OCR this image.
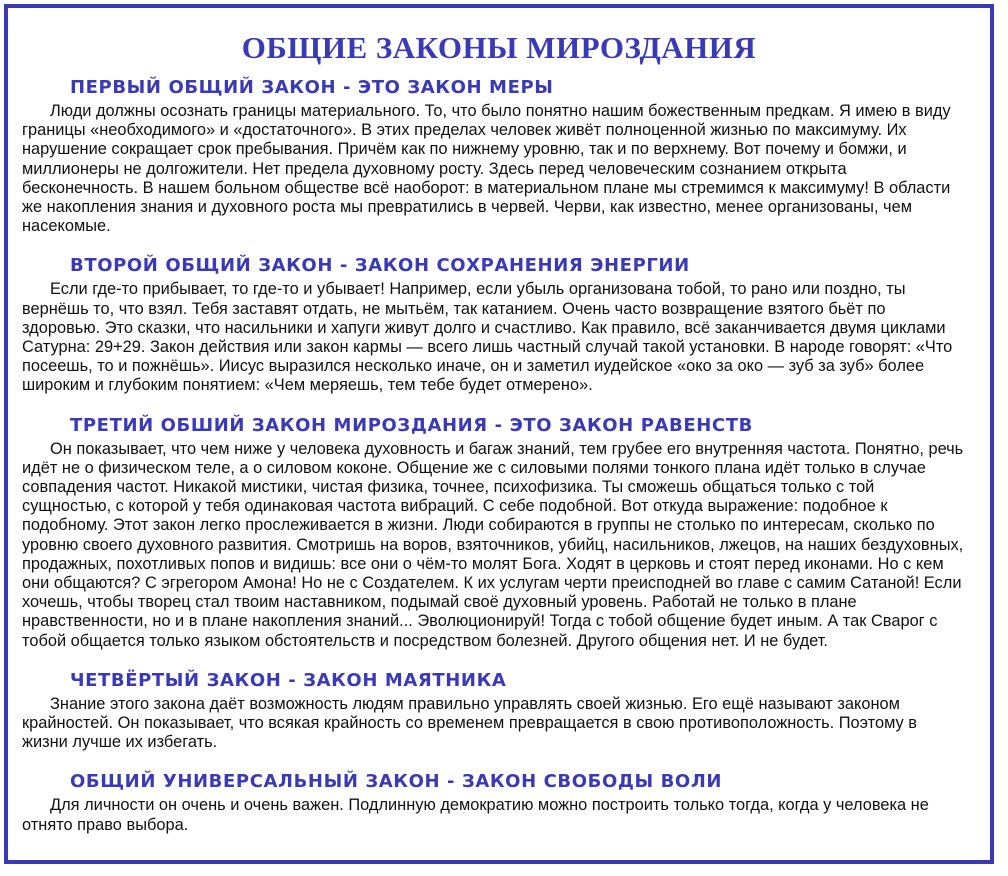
ОБЩИЕ ЗАКОНЫ МИРОЗДАНИЯ
ПЕРВЫЙ ОБЩИЙ ЗАКОН - ЭТО ЗАКОН МЕРЫ

Люди должны осознать границы материального. То, что было понятно нашим божественным предкам. Я имею в виду границы «необходимого» и «достаточного». В этих пределах человек живёт полноценной жизнью по максимуму. Их нарушение сокращает срок пребывания. Причём как по нижнему уровню, так и по верхнему. Вот почему и бомжи, и миллионеры не долгожители. Нет предела духовному росту. Здесь перед человеческим сознанием открыта бесконечность. В нашем больном обществе всё наоборот: в материальном плане мы стремимся к максимуму! В области же накопления знания и духовного роста мы превратились в червей. Черви, как известно, менее организованы, чем насекомые.

ВТОРОЙ ОБЩИЙ ЗАКОН - ЗАКОН СОХРАНЕНИЯ ЭНЕРГИИ

Если где-то прибывает, то где-то и убывает! Например, если убыль организована тобой, то рано или поздно, ты вернёшь то, что взял. Тебя заставят отдать, не мытьём, так катанием. Очень часто возвращение взятого бьёт по здоровью. Это сказки, что насильники и хапуги живут долго и счастливо. Как правило, всё заканчивается двумя циклами Сатурна: 29+29. Закон действия или закон кармы — всего лишь частный случай такой установки. В народе говорят: «Что посеешь, то и пожнёшь». Иисус выразился несколько иначе, он и заметил иудейское «око за око — зуб за зуб» более широким и глубоким понятием: «Чем меряешь, тем тебе будет отмерено».

ТРЕТИЙ ОБШИЙ ЗАКОН МИРОЗДАНИЯ - ЭТО ЗАКОН РАВЕНСТВ

Он показывает, что чем ниже у человека духовность и багаж знаний, тем грубее его внутренняя частота. Понятно, речь идёт не о физическом теле, а о силовом коконе. Общение же с силовыми полями тонкого плана идёт только в случае совпадения частот. Никакой мистики, чистая физика, точнее, психофизика. Ты сможешь общаться только с той сущностью, с которой у тебя одинаковая частота вибраций. С себе подобной. Вот откуда выражение: подобное к подобному. Этот закон легко прослеживается в жизни. Люди собираются в группы не столько по интересам, сколько по уровню своего духовного развития. Смотришь на воров, взяточников, убийц, насильников, лжецов, на наших бездуховных, продажных, похотливых попов и видишь: все они о чём-то молят Бога. Ходят в церковь и стоят перед иконами. Но с кем они общаются? С эгрегором Амона! Но не с Создателем. К их услугам черти преисподней во главе с самим Сатаной! Если хочешь, чтобы творец стал твоим наставником, подымай своё духовный уровень. Работай не только в плане нравственности, но и в плане накопления знаний... Эволюционируй! Тогда с тобой общение будет иным. А так Сварог с тобой общается только языком обстоятельств и посредством болезней. Другого общения нет. И не будет.

ЧЕТВЁРТЫЙ ЗАКОН - ЗАКОН МАЯТНИКА

Знание этого закона даёт возможность людям правильно управлять своей жизнью. Его ещё называют законом крайностей. Он показывает, что всякая крайность со временем превращается в свою противоположность. Поэтому в жизни лучше их избегать.

ОБЩИЙ УНИВЕРСАЛЬНЫЙ ЗАКОН - ЗАКОН СВОБОДЫ ВОЛИ

Для личности он очень и очень важен. Подлинную демократию можно построить только тогда, когда у человека не отнято право выбора.
